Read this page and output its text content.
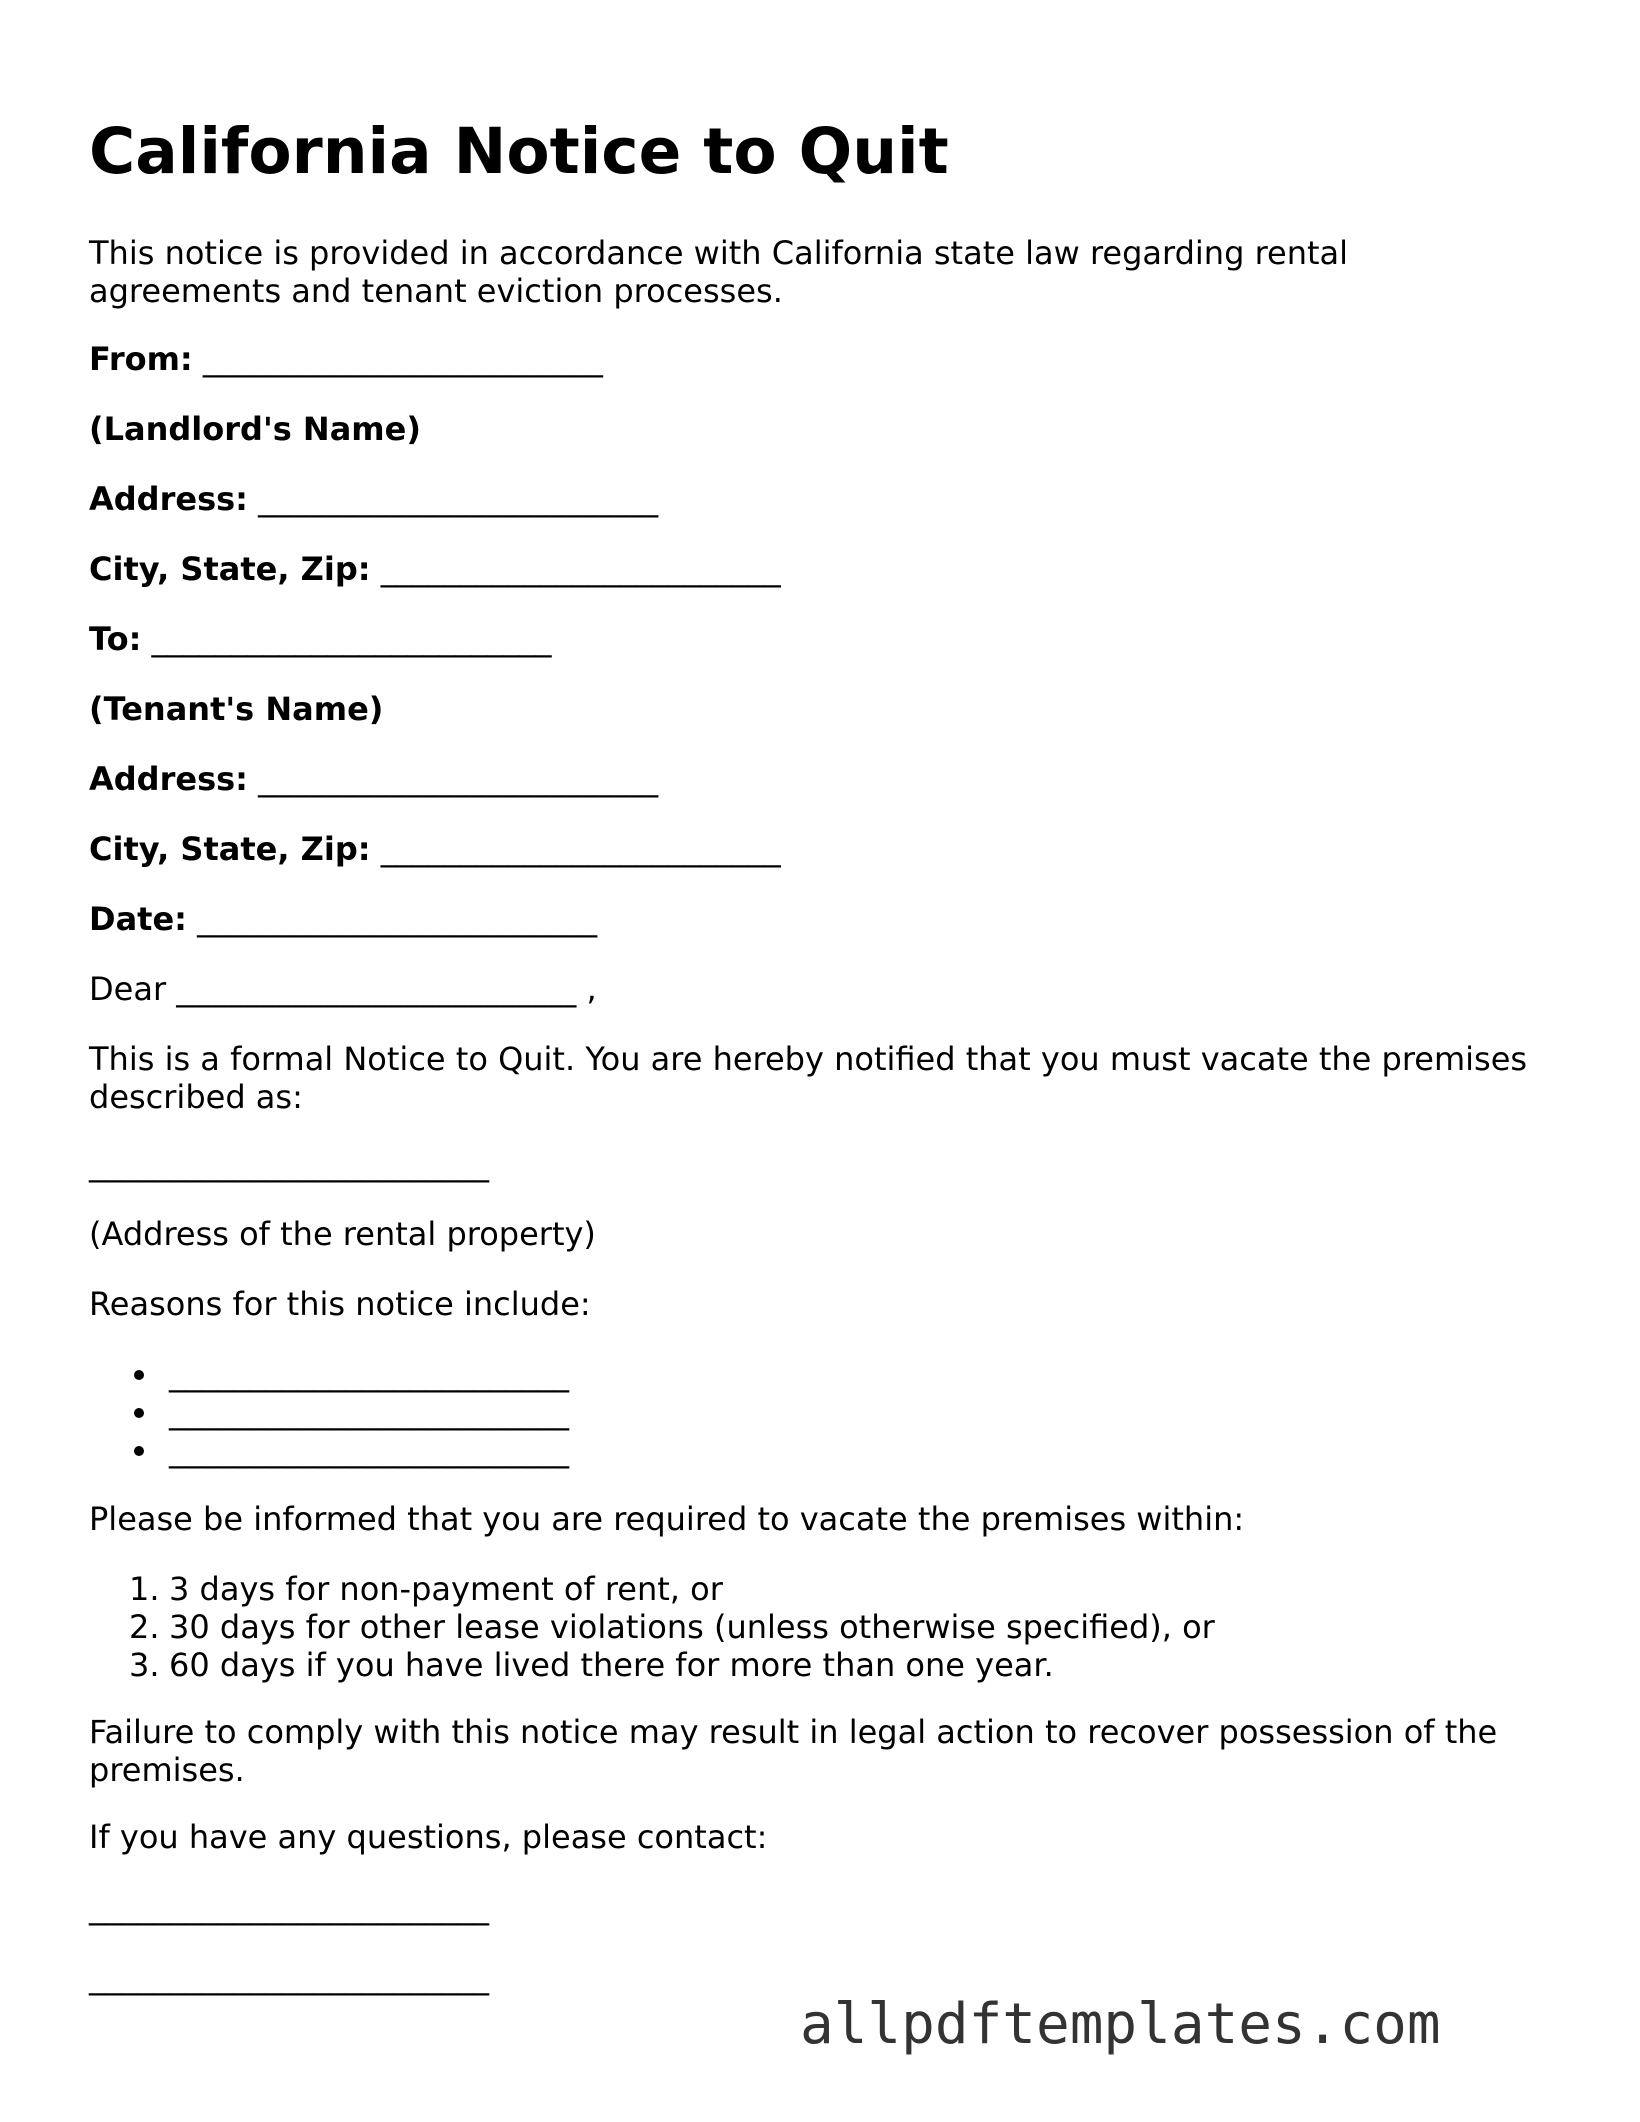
California Notice to Quit

This notice is provided in accordance with California state law regarding rental agreements and tenant eviction processes.

From: _________________________

(Landlord's Name)

Address: _________________________

City, State, Zip: _________________________

To: _________________________

(Tenant's Name)

Address: _________________________

City, State, Zip: _________________________

Date: _________________________

Dear _________________________ ,

This is a formal Notice to Quit. You are hereby notified that you must vacate the premises described as:

_________________________

(Address of the rental property)

Reasons for this notice include:

_________________________
_________________________
_________________________

Please be informed that you are required to vacate the premises within:

1. 3 days for non-payment of rent, or
2. 30 days for other lease violations (unless otherwise specified), or
3. 60 days if you have lived there for more than one year.

Failure to comply with this notice may result in legal action to recover possession of the premises.

If you have any questions, please contact:

_________________________

_________________________

allpdftemplates.com
